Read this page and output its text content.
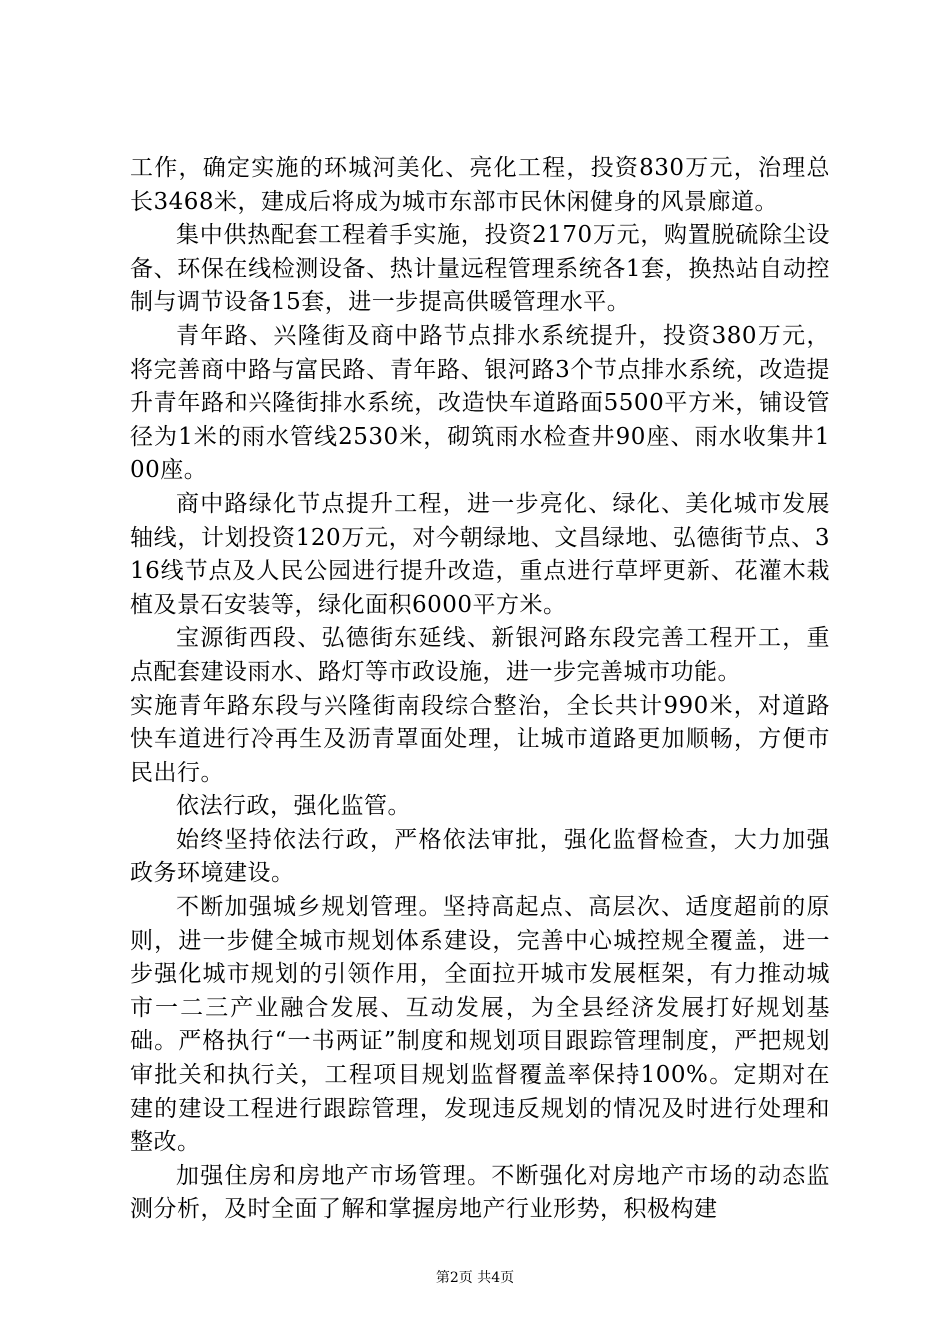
工作，确定实施的环城河美化、亮化工程，投资830万元，治理总长3468米，建成后将成为城市东部市民休闲健身的风景廊道。

集中供热配套工程着手实施，投资2170万元，购置脱硫除尘设备、环保在线检测设备、热计量远程管理系统各1套，换热站自动控制与调节设备15套，进一步提高供暖管理水平。

青年路、兴隆街及商中路节点排水系统提升，投资380万元，将完善商中路与富民路、青年路、银河路3个节点排水系统，改造提升青年路和兴隆街排水系统，改造快车道路面5500平方米，铺设管径为1米的雨水管线2530米，砌筑雨水检查井90座、雨水收集井100座。

商中路绿化节点提升工程，进一步亮化、绿化、美化城市发展轴线，计划投资120万元，对今朝绿地、文昌绿地、弘德街节点、316线节点及人民公园进行提升改造，重点进行草坪更新、花灌木栽植及景石安装等，绿化面积6000平方米。

宝源街西段、弘德街东延线、新银河路东段完善工程开工，重点配套建设雨水、路灯等市政设施，进一步完善城市功能。

实施青年路东段与兴隆街南段综合整治，全长共计990米，对道路快车道进行冷再生及沥青罩面处理，让城市道路更加顺畅，方便市民出行。

依法行政，强化监管。

始终坚持依法行政，严格依法审批，强化监督检查，大力加强政务环境建设。

不断加强城乡规划管理。坚持高起点、高层次、适度超前的原则，进一步健全城市规划体系建设，完善中心城控规全覆盖，进一步强化城市规划的引领作用，全面拉开城市发展框架，有力推动城市一二三产业融合发展、互动发展，为全县经济发展打好规划基础。严格执行“一书两证”制度和规划项目跟踪管理制度，严把规划审批关和执行关，工程项目规划监督覆盖率保持100%。定期对在建的建设工程进行跟踪管理，发现违反规划的情况及时进行处理和整改。

加强住房和房地产市场管理。不断强化对房地产市场的动态监测分析，及时全面了解和掌握房地产行业形势，积极构建

第2页 共4页
